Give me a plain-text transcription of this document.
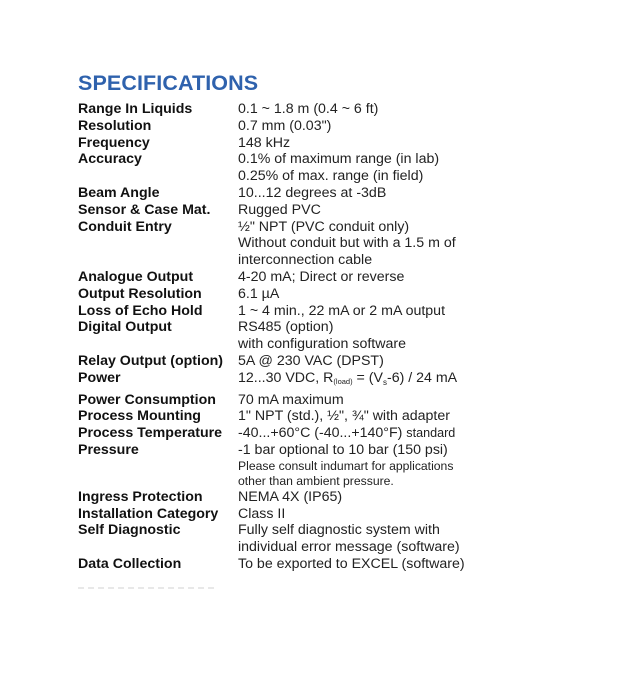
SPECIFICATIONS
Range In Liquids	0.1 ~ 1.8 m (0.4 ~ 6 ft)
Resolution	0.7 mm (0.03")
Frequency	148 kHz
Accuracy	0.1% of maximum range (in lab)
0.25% of max. range (in field)
Beam Angle	10...12 degrees at -3dB
Sensor & Case Mat.	Rugged PVC
Conduit Entry	½" NPT (PVC conduit only)
Without conduit but with a 1.5 m of
interconnection cable
Analogue Output	4-20 mA; Direct or reverse
Output Resolution	6.1 µA
Loss of Echo Hold	1 ~ 4 min., 22 mA or 2 mA output
Digital Output	RS485 (option)
with configuration software
Relay Output (option)	5A @ 230 VAC (DPST)
Power	12...30 VDC, $R_{(load)} = (V_s-6) / 24$ mA
Power Consumption	70 mA maximum
Process Mounting	1" NPT (std.), ½", ¾" with adapter
Process Temperature	-40...+60°C (-40...+140°F) standard
Pressure	-1 bar optional to 10 bar (150 psi)
Please consult indumart for applications
other than ambient pressure.
Ingress Protection	NEMA 4X (IP65)
Installation Category	Class II
Self Diagnostic	Fully self diagnostic system with
individual error message (software)
Data Collection	To be exported to EXCEL (software)
